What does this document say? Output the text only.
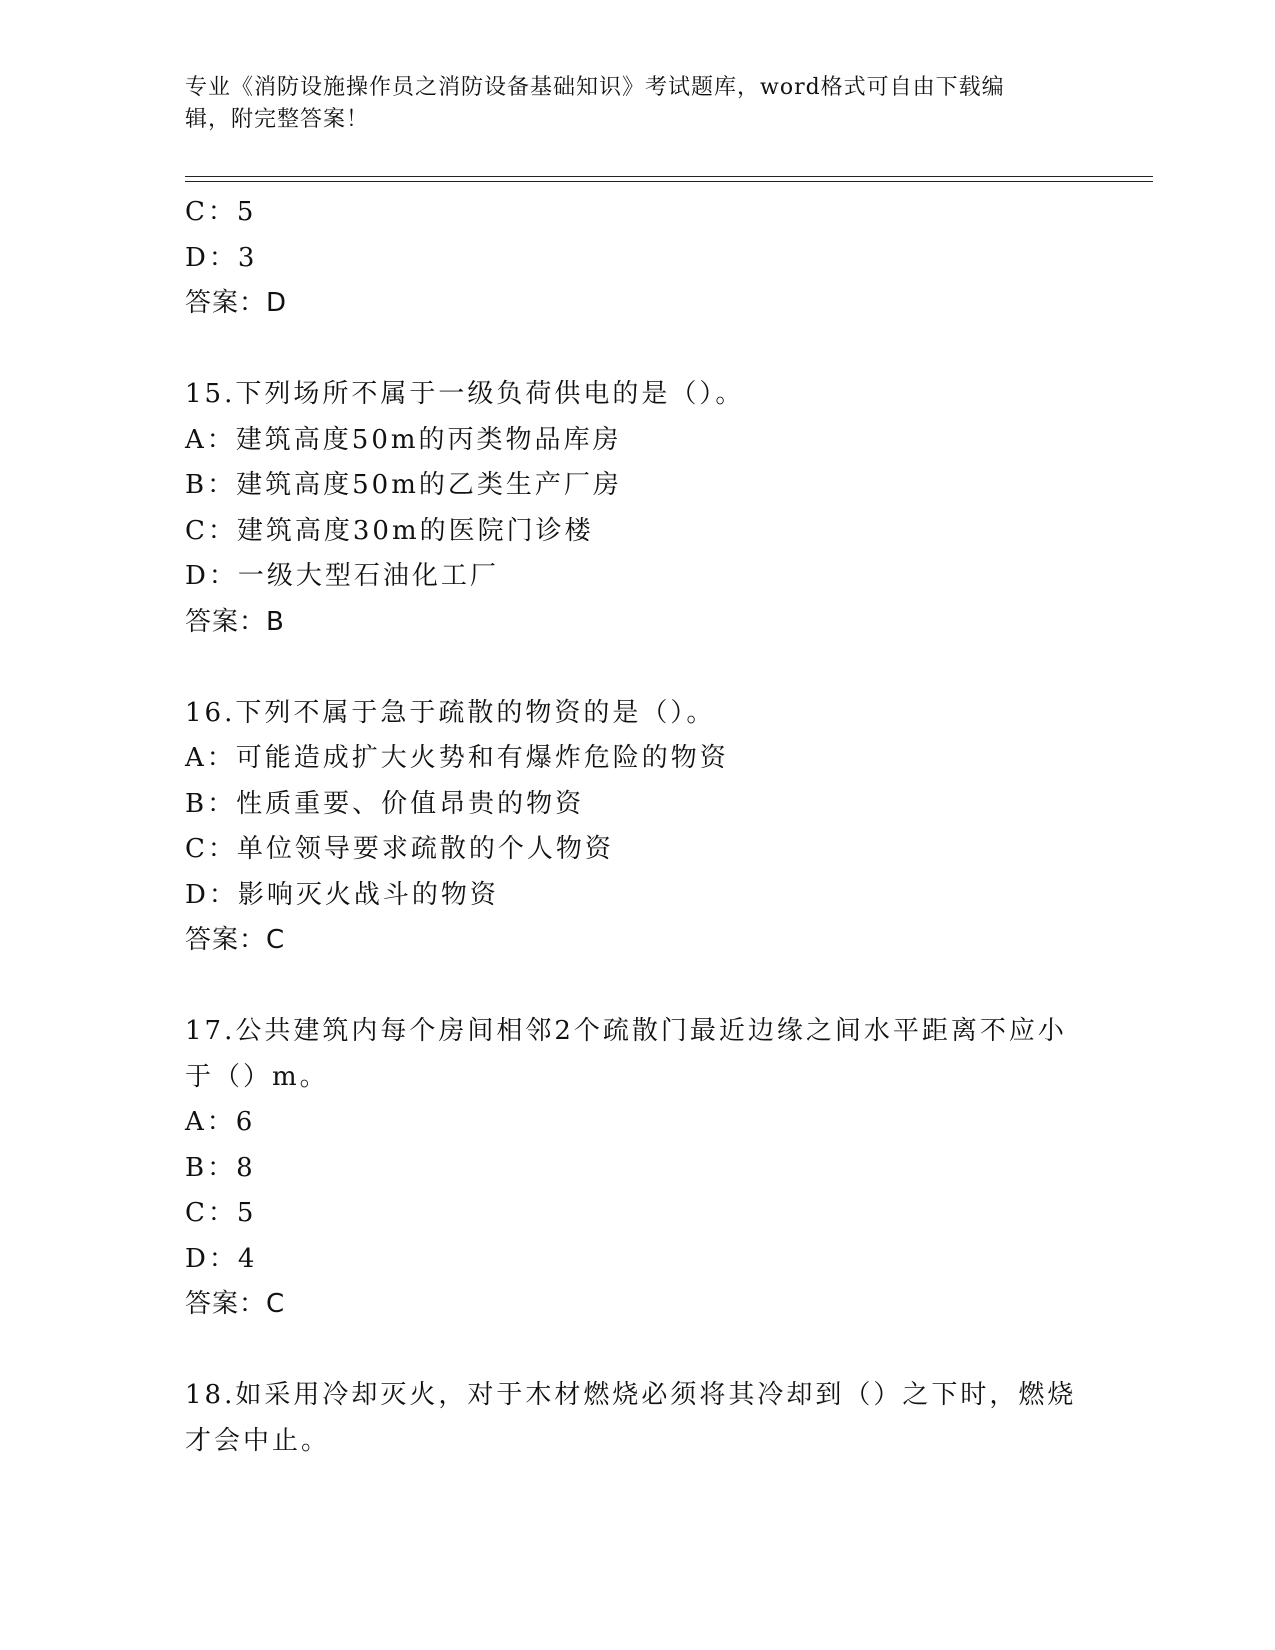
专业《消防设施操作员之消防设备基础知识》考试题库，word格式可自由下载编
辑，附完整答案！
C：5
D：3
答案：D
15.下列场所不属于一级负荷供电的是（）。
A：建筑高度50m的丙类物品库房
B：建筑高度50m的乙类生产厂房
C：建筑高度30m的医院门诊楼
D：一级大型石油化工厂
答案：B
16.下列不属于急于疏散的物资的是（）。
A：可能造成扩大火势和有爆炸危险的物资
B：性质重要、价值昂贵的物资
C：单位领导要求疏散的个人物资
D：影响灭火战斗的物资
答案：C
17.公共建筑内每个房间相邻2个疏散门最近边缘之间水平距离不应小
于（）m。
A：6
B：8
C：5
D：4
答案：C
18.如采用冷却灭火，对于木材燃烧必须将其冷却到（）之下时，燃烧
才会中止。
